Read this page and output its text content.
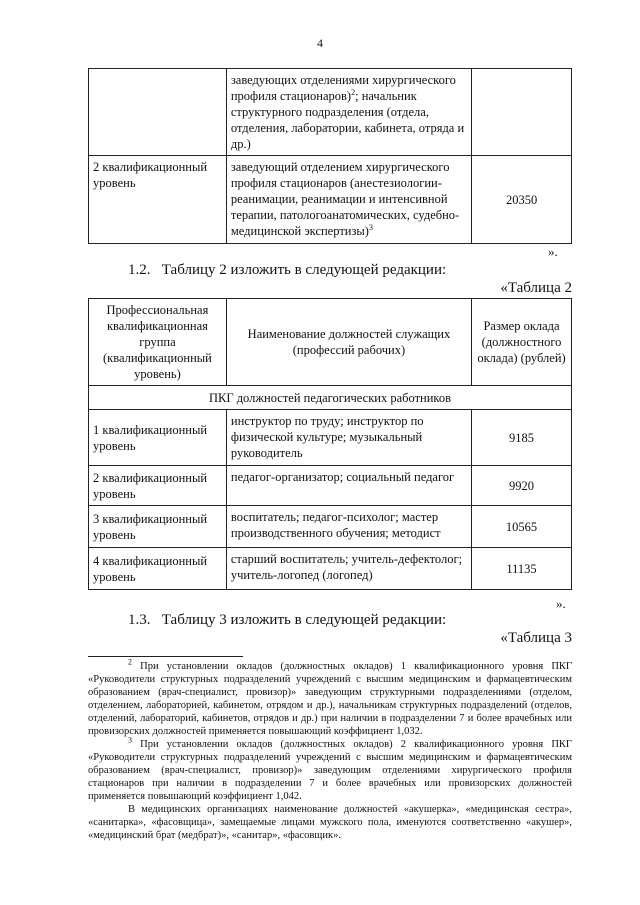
4
	заведующих отделениями хирургического профиля стационаров)$^2$; начальник структурного подразделения (отдела, отделения, лаборатории, кабинета, отряда и др.)	
2 квалификационный уровень	заведующий отделением хирургического профиля стационаров (анестезиологии-реанимации, реанимации и интенсивной терапии, патологоанатомических, судебно-медицинской экспертизы)$^3$	20350
».
1.2. Таблицу 2 изложить в следующей редакции:
«Таблица 2
Профессиональная квалификационная группа (квалификационный уровень)	Наименование должностей служащих (профессий рабочих)	Размер оклада (должностного оклада) (рублей)
ПКГ должностей педагогических работников		
1 квалификационный уровень	инструктор по труду; инструктор по физической культуре; музыкальный руководитель	9185
2 квалификационный уровень	педагог-организатор; социальный педагог	9920
3 квалификационный уровень	воспитатель; педагог-психолог; мастер производственного обучения; методист	10565
4 квалификационный уровень	старший воспитатель; учитель-дефектолог; учитель-логопед (логопед)	11135
».
1.3. Таблицу 3 изложить в следующей редакции:
«Таблица 3

$^2$ При установлении окладов (должностных окладов) 1 квалификационного уровня ПКГ «Руководители структурных подразделений учреждений с высшим медицинским и фармацевтическим образованием (врач-специалист, провизор)» заведующим структурными подразделениями (отделом, отделением, лабораторией, кабинетом, отрядом и др.), начальникам структурных подразделений (отделов, отделений, лабораторий, кабинетов, отрядов и др.) при наличии в подразделении 7 и более врачебных или провизорских должностей применяется повышающий коэффициент 1,032.

$^3$ При установлении окладов (должностных окладов) 2 квалификационного уровня ПКГ «Руководители структурных подразделений учреждений с высшим медицинским и фармацевтическим образованием (врач-специалист, провизор)» заведующим отделениями хирургического профиля стационаров при наличии в подразделении 7 и более врачебных или провизорских должностей применяется повышающий коэффициент 1,042.

В медицинских организациях наименование должностей «акушерка», «медицинская сестра», «санитарка», «фасовщица», замещаемые лицами мужского пола, именуются соответственно «акушер», «медицинский брат (медбрат)», «санитар», «фасовщик».
